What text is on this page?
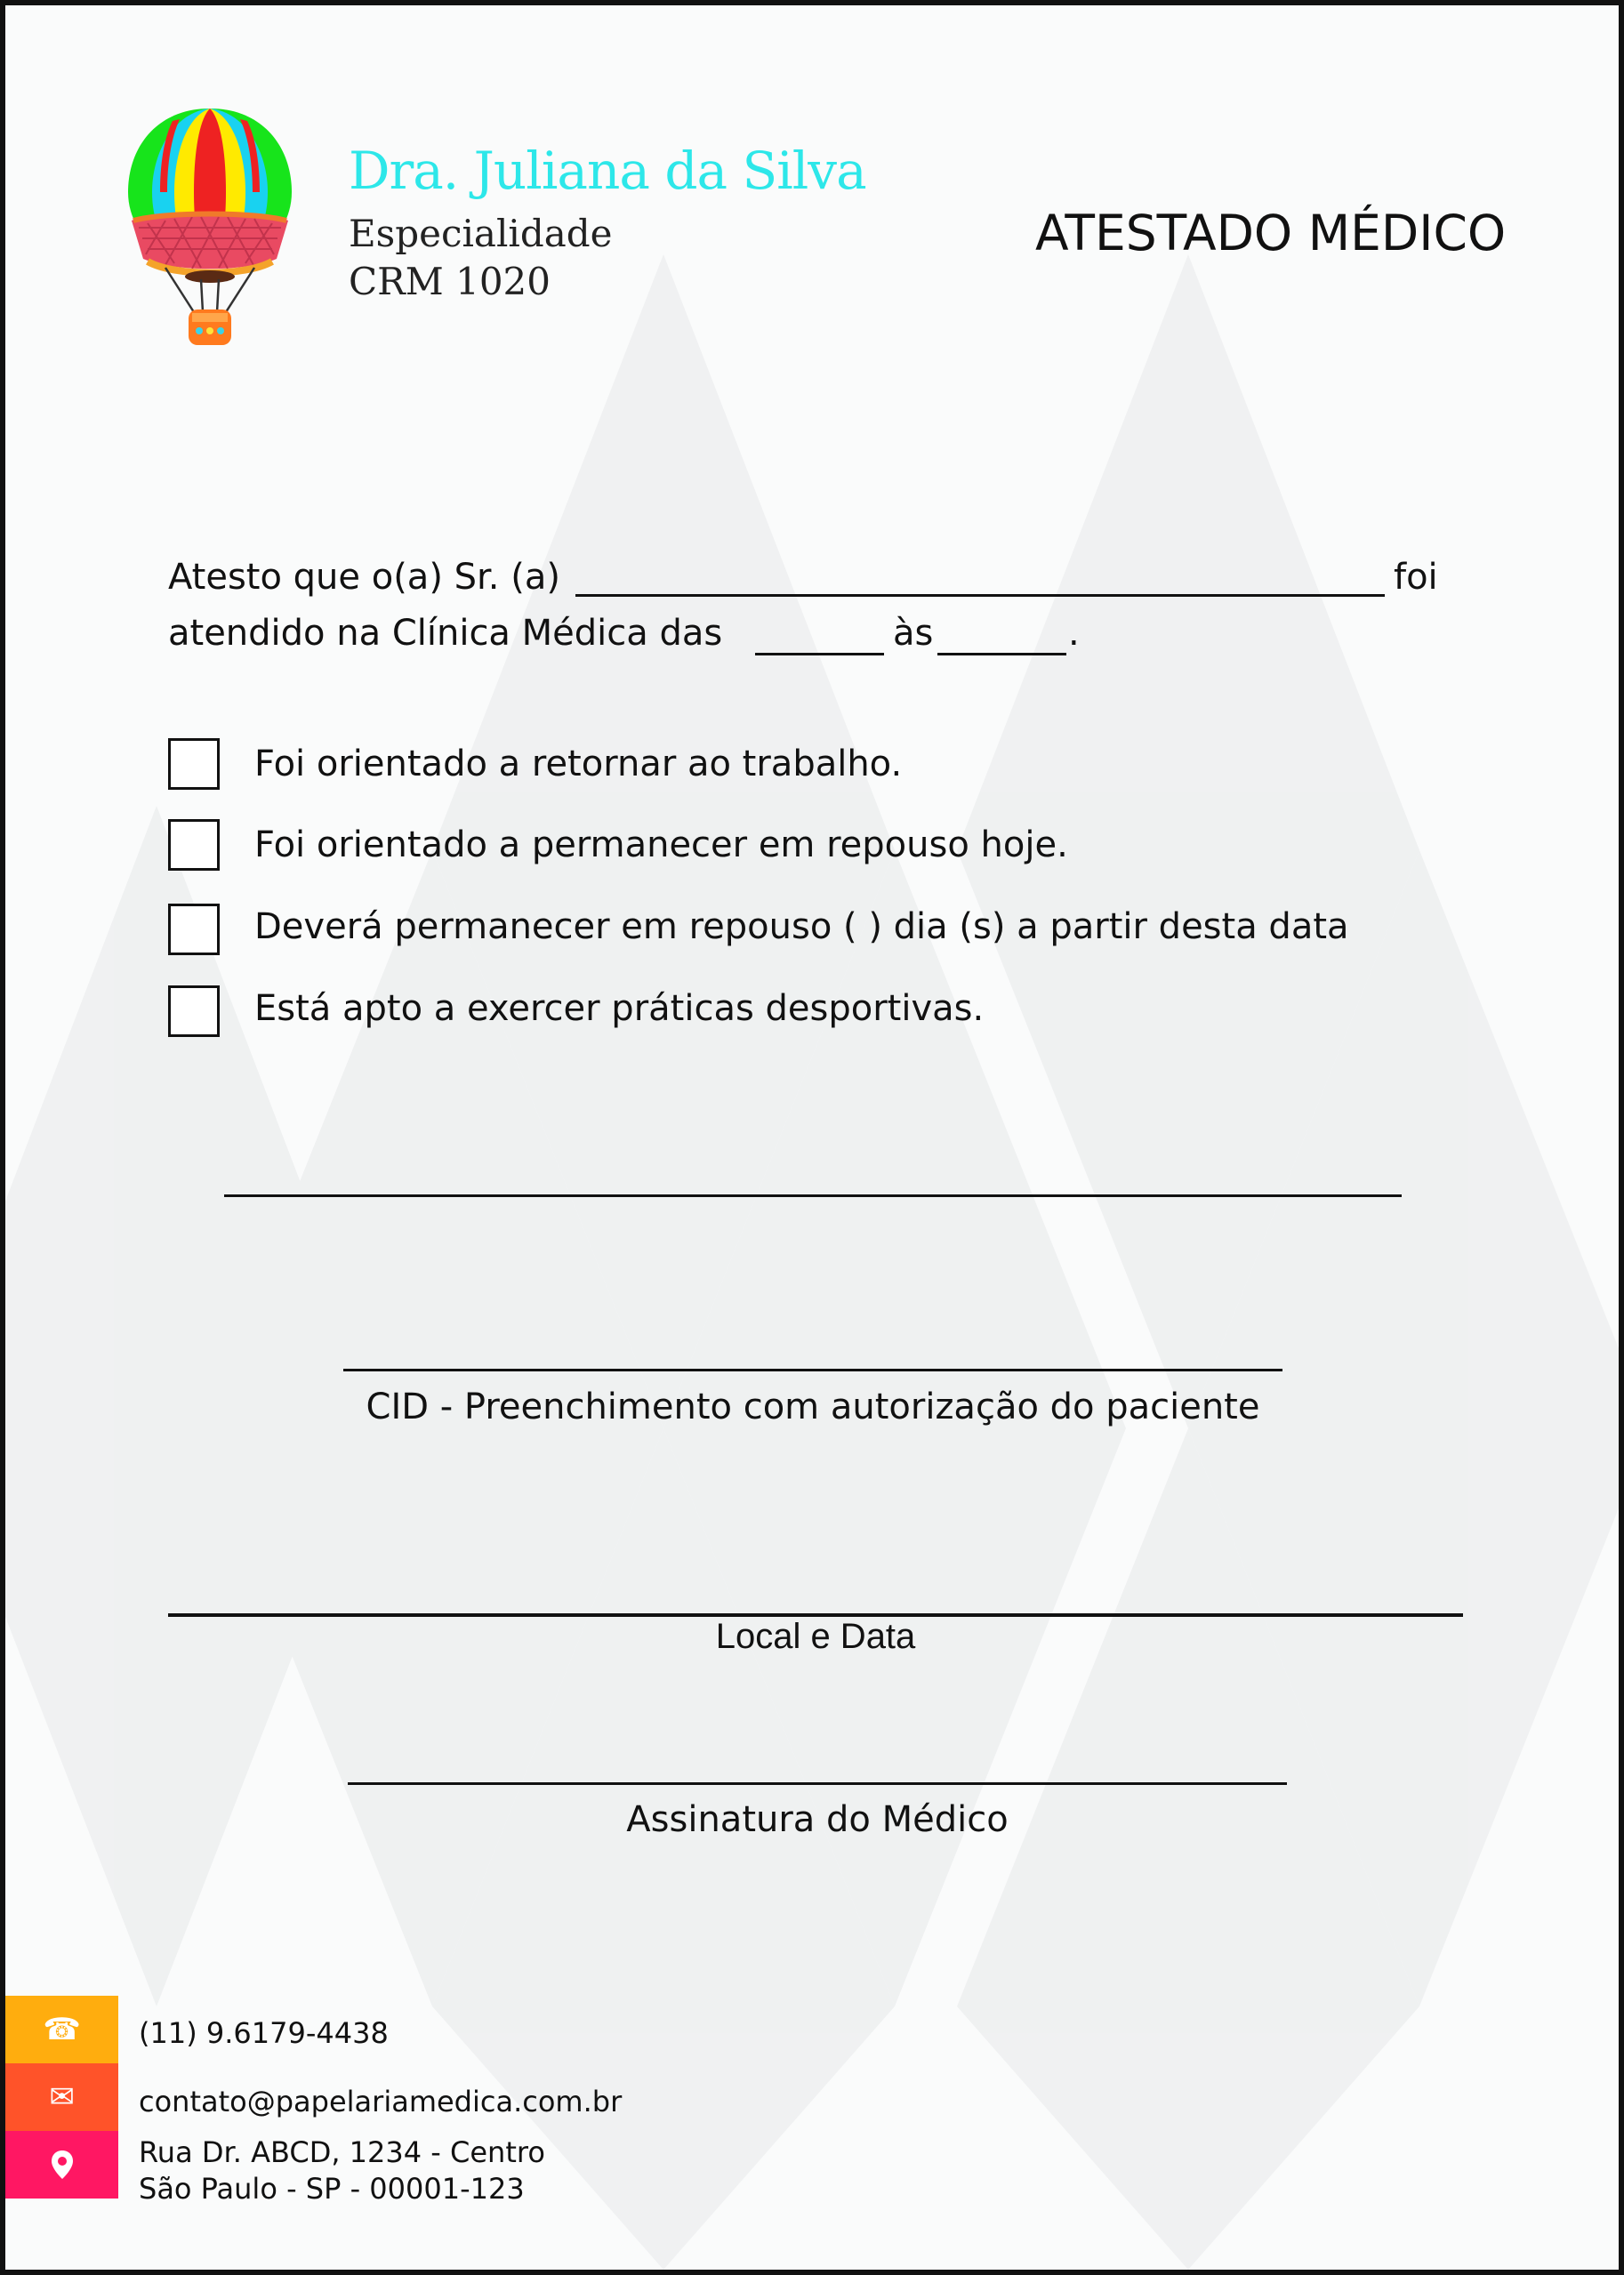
Dra. Juliana da Silva
Especialidade
CRM 1020
ATESTADO MÉDICO
Atesto que o(a) Sr. (a)	foi
atendido na Clínica Médica das	às	.
Foi orientado a retornar ao trabalho.
Foi orientado a permanecer em repouso hoje.
Deverá permanecer em repouso ( ) dia (s) a partir desta data
Está apto a exercer práticas desportivas.
CID - Preenchimento com autorização do paciente
Local e Data
Assinatura do Médico
☎	(11) 9.6179-4438
✉	contato@papelariamedica.com.br
Rua Dr. ABCD, 1234 - Centro
São Paulo - SP - 00001-123
